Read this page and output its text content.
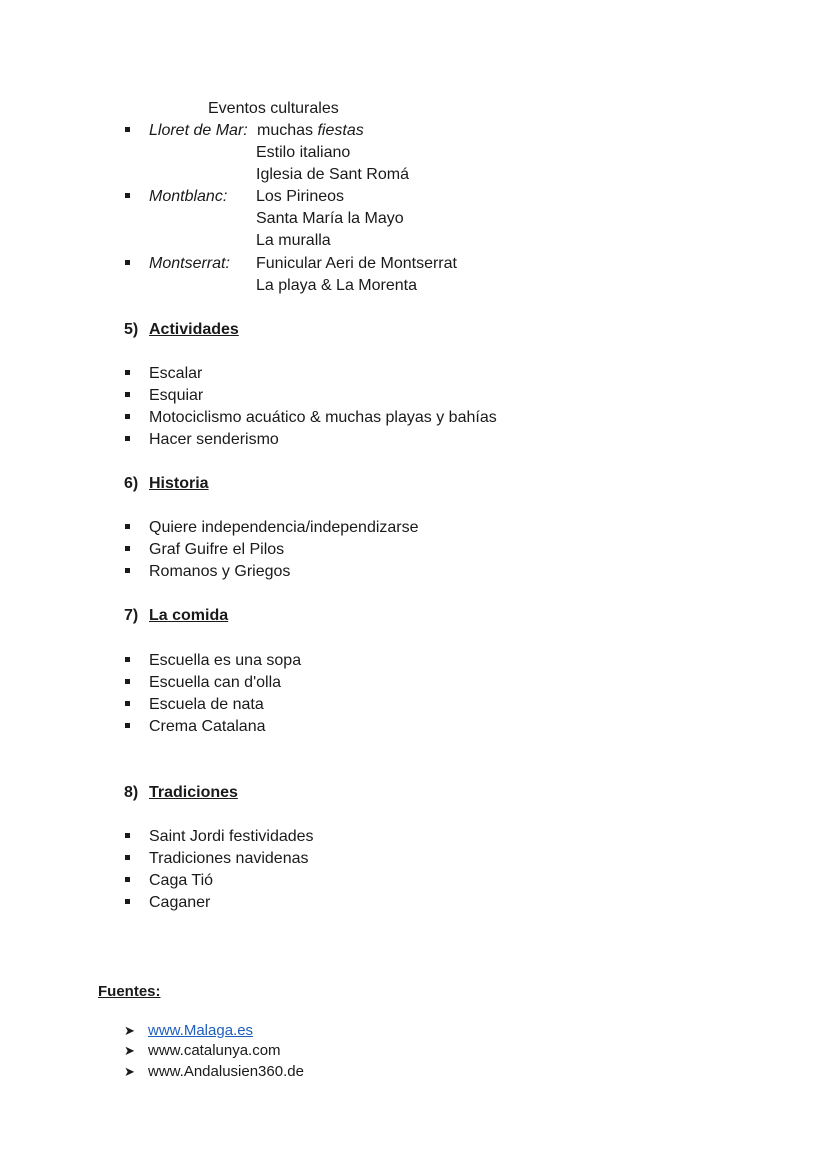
Eventos culturales
Lloret de Mar: muchas fiestas
Estilo italiano
Iglesia de Sant Romá
Montblanc: Los Pirineos
Santa María la Mayo
La muralla
Montserrat: Funicular Aeri de Montserrat
La playa & La Morenta
5) Actividades
Escalar
Esquiar
Motociclismo acuático & muchas playas y bahías
Hacer senderismo
6) Historia
Quiere independencia/independizarse
Graf Guifre el Pilos
Romanos y Griegos
7) La comida
Escuella es una sopa
Escuella can d'olla
Escuela de nata
Crema Catalana
8) Tradiciones
Saint Jordi festividades
Tradiciones navidenas
Caga Tió
Caganer
Fuentes:
➤ www.Malaga.es
➤ www.catalunya.com
➤ www.Andalusien360.de
